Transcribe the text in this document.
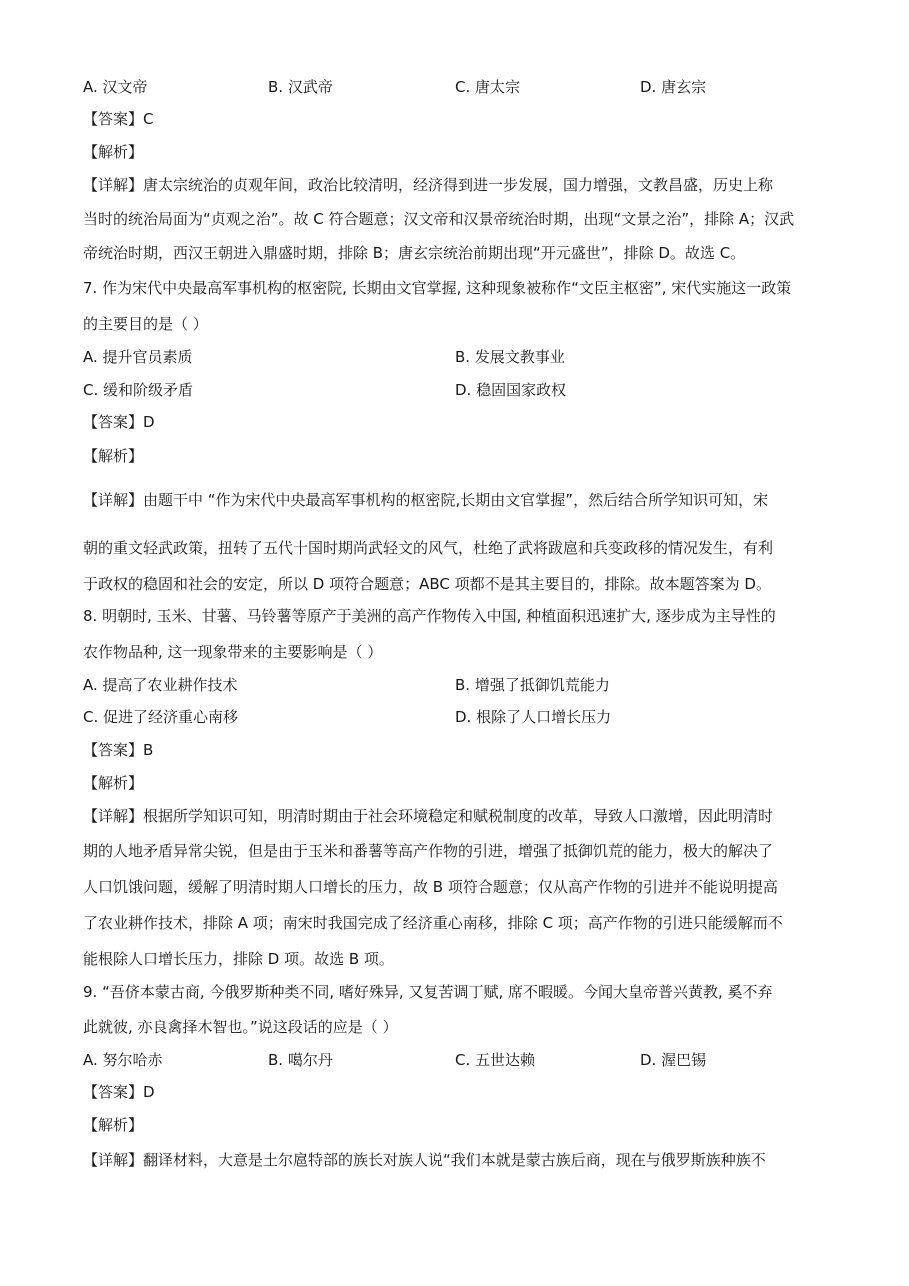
A. 汉文帝	B. 汉武帝	C. 唐太宗	D. 唐玄宗
【答案】C
【解析】
【详解】唐太宗统治的贞观年间，政治比较清明，经济得到进一步发展，国力增强，文教昌盛，历史上称
当时的统治局面为“贞观之治”。故 C 符合题意；汉文帝和汉景帝统治时期，出现“文景之治”，排除 A；汉武
帝统治时期，西汉王朝进入鼎盛时期，排除 B；唐玄宗统治前期出现“开元盛世”，排除 D。故选 C。
7. 作为宋代中央最高军事机构的枢密院, 长期由文官掌握, 这种现象被称作“文臣主枢密”, 宋代实施这一政策
的主要目的是（ ）
A. 提升官员素质	B. 发展文教事业
C. 缓和阶级矛盾	D. 稳固国家政权
【答案】D
【解析】
【详解】由题干中 “作为宋代中央最高军事机构的枢密院,长期由文官掌握”，然后结合所学知识可知，宋
朝的重文轻武政策，扭转了五代十国时期尚武轻文的风气，杜绝了武将跋扈和兵变政移的情况发生，有利
于政权的稳固和社会的安定，所以 D 项符合题意；ABC 项都不是其主要目的，排除。故本题答案为 D。
8. 明朝时, 玉米、甘薯、马铃薯等原产于美洲的高产作物传入中国, 种植面积迅速扩大, 逐步成为主导性的
农作物品种, 这一现象带来的主要影响是（ ）
A. 提高了农业耕作技术	B. 增强了抵御饥荒能力
C. 促进了经济重心南移	D. 根除了人口增长压力
【答案】B
【解析】
【详解】根据所学知识可知，明清时期由于社会环境稳定和赋税制度的改革，导致人口激增，因此明清时
期的人地矛盾异常尖锐，但是由于玉米和番薯等高产作物的引进，增强了抵御饥荒的能力，极大的解决了
人口饥饿问题，缓解了明清时期人口增长的压力，故 B 项符合题意；仅从高产作物的引进并不能说明提高
了农业耕作技术，排除 A 项；南宋时我国完成了经济重心南移，排除 C 项；高产作物的引进只能缓解而不
能根除人口增长压力，排除 D 项。故选 B 项。
9. “吾侪本蒙古商, 今俄罗斯种类不同, 嗜好殊异, 又复苦调丁赋, 席不暇暖。今闻大皇帝普兴黄教, 奚不弃
此就彼, 亦良禽择木智也。”说这段话的应是（ ）
A. 努尔哈赤	B. 噶尔丹	C. 五世达赖	D. 渥巴锡
【答案】D
【解析】
【详解】翻译材料，大意是土尔扈特部的族长对族人说“我们本就是蒙古族后商，现在与俄罗斯族种族不
